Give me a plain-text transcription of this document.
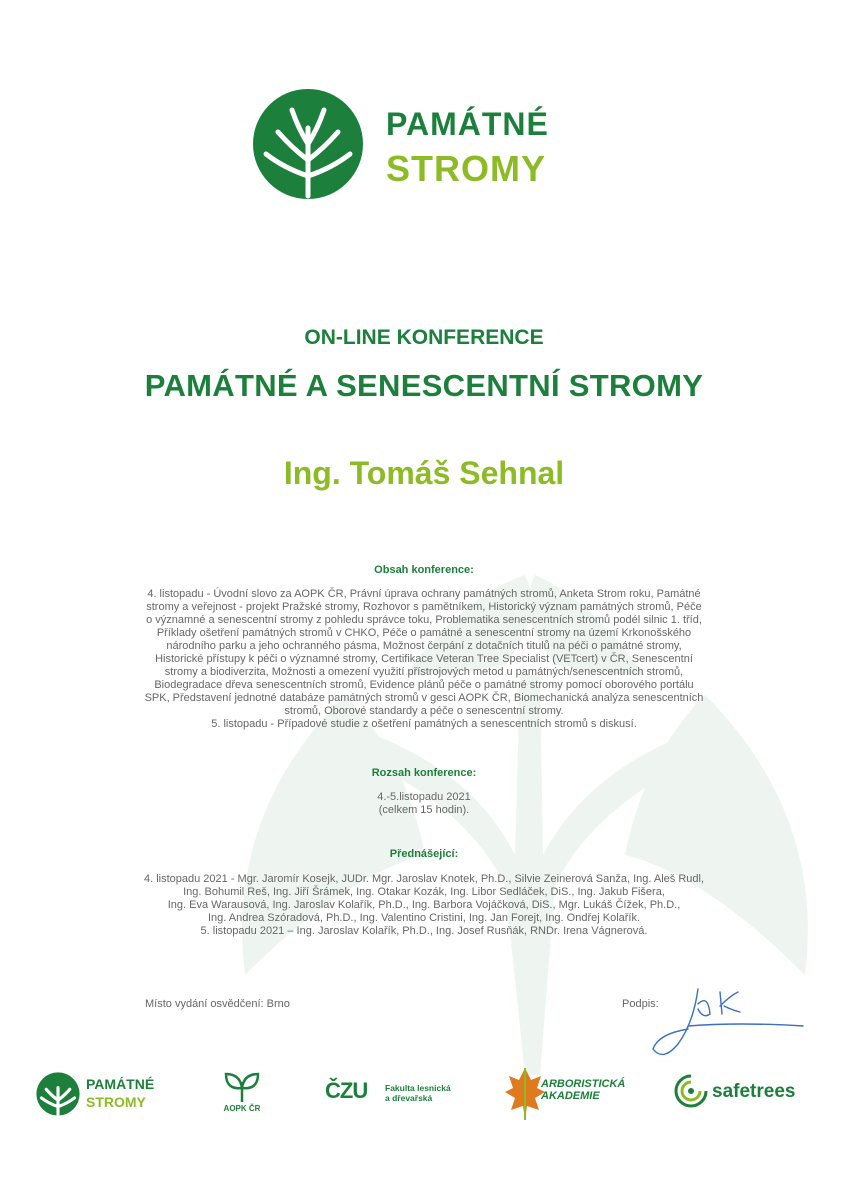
PAMÁTNÉ
STROMY
ON-LINE KONFERENCE
PAMÁTNÉ A SENESCENTNÍ STROMY
Ing. Tomáš Sehnal
Obsah konference:

4. listopadu - Úvodní slovo za AOPK ČR, Právní úprava ochrany památných stromů, Anketa Strom roku, Památné

stromy a veřejnost - projekt Pražské stromy, Rozhovor s pamětníkem, Historický význam památných stromů, Péče

o významné a senescentní stromy z pohledu správce toku, Problematika senescentních stromů podél silnic 1. tříd,

Příklady ošetření památných stromů v CHKO, Péče o památné a senescentní stromy na území Krkonošského

národního parku a jeho ochranného pásma, Možnost čerpání z dotačních titulů na péči o památné stromy,

Historické přístupy k péči o významné stromy, Certifikace Veteran Tree Specialist (VETcert) v ČR, Senescentní

stromy a biodiverzita, Možnosti a omezení využití přístrojových metod u památných/senescentních stromů,

Biodegradace dřeva senescentních stromů, Evidence plánů péče o památné stromy pomocí oborového portálu

SPK, Představení jednotné databáze památných stromů v gesci AOPK ČR, Biomechanická analýza senescentních

stromů, Oborové standardy a péče o senescentní stromy.

5. listopadu - Případové studie z ošetření památných a senescentních stromů s diskusí.

Rozsah konference:

4.-5.listopadu 2021

(celkem 15 hodin).

Přednášející:

4. listopadu 2021 - Mgr. Jaromír Kosejk, JUDr. Mgr. Jaroslav Knotek, Ph.D., Silvie Zeinerová Sanža, Ing. Aleš Rudl,

Ing. Bohumil Reš, Ing. Jiří Šrámek, Ing. Otakar Kozák, Ing. Libor Sedláček, DiS., Ing. Jakub Fišera,

Ing. Eva Warausová, Ing. Jaroslav Kolařík, Ph.D., Ing. Barbora Vojáčková, DiS., Mgr. Lukáš Čížek, Ph.D.,

Ing. Andrea Szóradová, Ph.D., Ing. Valentino Cristini, Ing. Jan Forejt, Ing. Ondřej Kolařík.

5. listopadu 2021 – Ing. Jaroslav Kolařík, Ph.D., Ing. Josef Rusňák, RNDr. Irena Vágnerová.

Místo vydání osvědčení: Brno	Podpis:
PAMÁTNÉ
STROMY	AOPK ČR
ČZU Fakulta lesnická
a dřevařská
ARBORISTICKÁ
AKADEMIE	safetrees
